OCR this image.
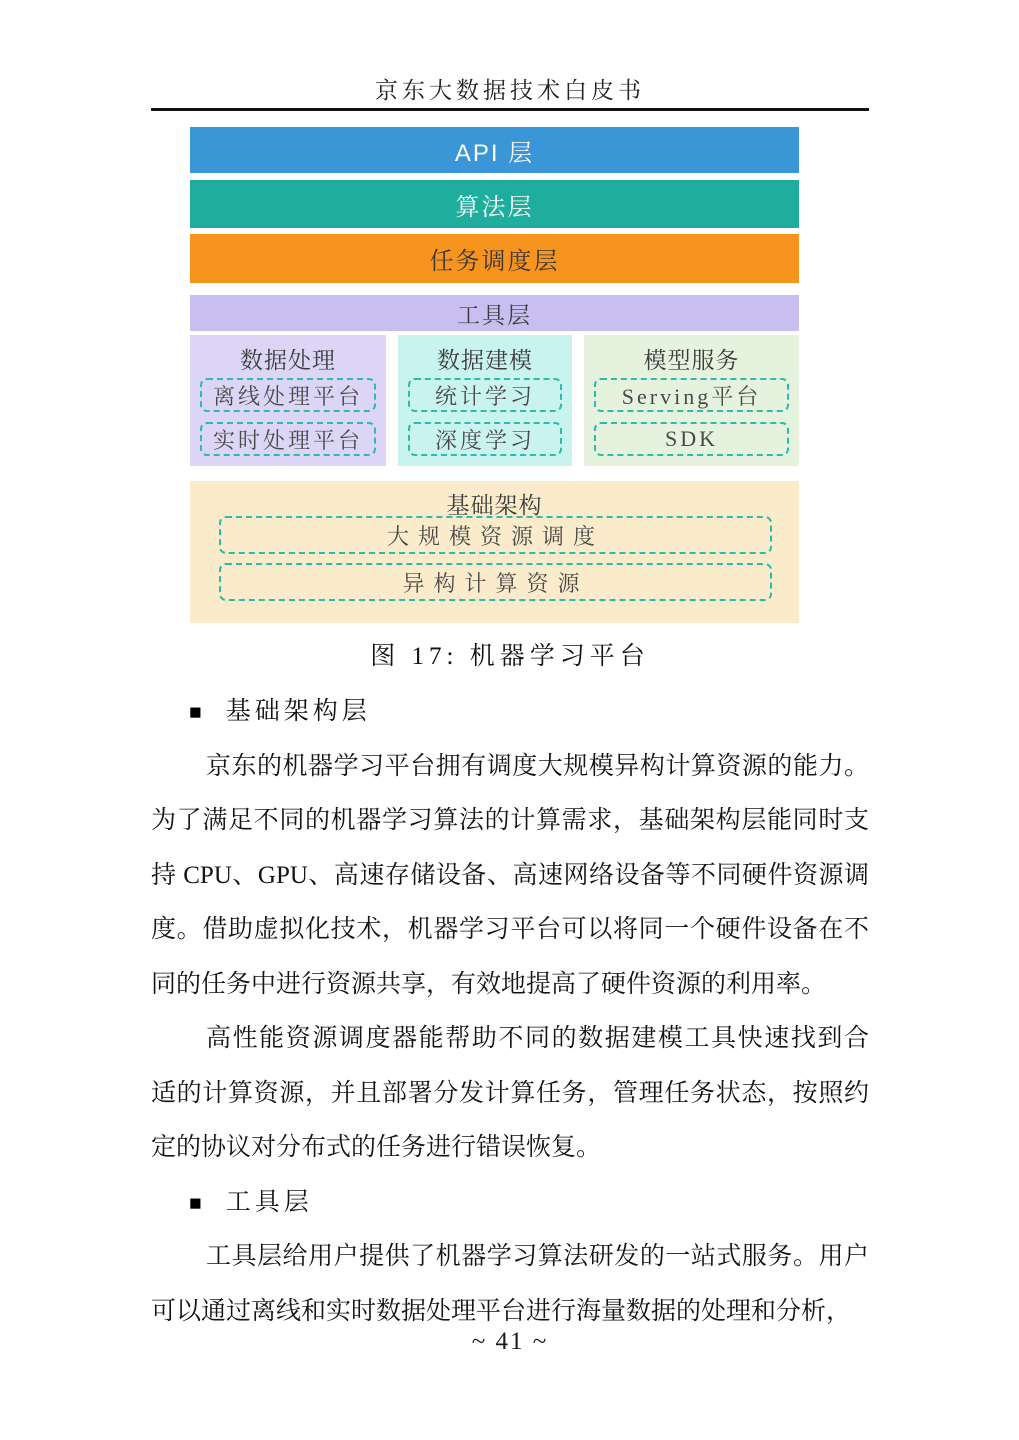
京东大数据技术白皮书
API 层
算法层
任务调度层
工具层
数据处理
离线处理平台
实时处理平台
数据建模
统计学习
深度学习
模型服务
Serving平台
SDK
基础架构
大规模资源调度
异构计算资源
图 17: 机器学习平台
■ 基础架构层
京东的机器学习平台拥有调度大规模异构计算资源的能力。
为了满足不同的机器学习算法的计算需求，基础架构层能同时支
持 CPU、GPU、高速存储设备、高速网络设备等不同硬件资源调
度。借助虚拟化技术，机器学习平台可以将同一个硬件设备在不
同的任务中进行资源共享，有效地提高了硬件资源的利用率。
高性能资源调度器能帮助不同的数据建模工具快速找到合
适的计算资源，并且部署分发计算任务，管理任务状态，按照约
定的协议对分布式的任务进行错误恢复。
■ 工具层
工具层给用户提供了机器学习算法研发的一站式服务。用户
可以通过离线和实时数据处理平台进行海量数据的处理和分析，
~ 41 ~
